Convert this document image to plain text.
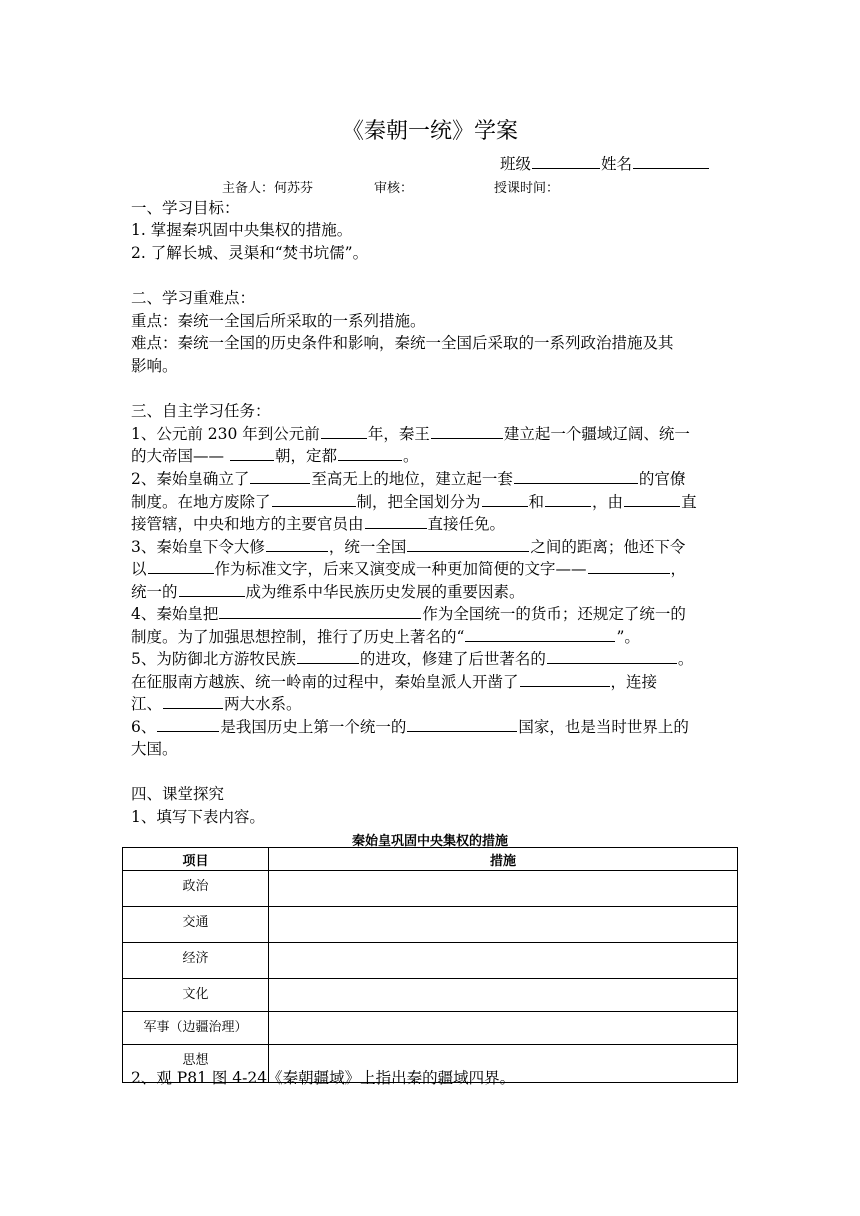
《秦朝一统》学案
班级	姓名
主备人：何苏芬	审核：	授课时间：
一、学习目标：
1. 掌握秦巩固中央集权的措施。
2. 了解长城、灵渠和“焚书坑儒”。
二、学习重难点：
重点：秦统一全国后所采取的一系列措施。
难点：秦统一全国的历史条件和影响，秦统一全国后采取的一系列政治措施及其
影响。
三、自主学习任务：
1、公元前 230 年到公元前	年，秦王	建立起一个疆域辽阔、统一
的大帝国——	朝，定都	。
2、秦始皇确立了	至高无上的地位，建立起一套	的官僚
制度。在地方废除了	制，把全国划分为	和	，由	直
接管辖，中央和地方的主要官员由	直接任免。
3、秦始皇下令大修	，统一全国	之间的距离；他还下令
以	作为标准文字，后来又演变成一种更加简便的文字——	，
统一的	成为维系中华民族历史发展的重要因素。
4、秦始皇把	作为全国统一的货币；还规定了统一的
制度。为了加强思想控制，推行了历史上著名的“	”。
5、为防御北方游牧民族	的进攻，修建了后世著名的	。
在征服南方越族、统一岭南的过程中，秦始皇派人开凿了	，连接
江、	两大水系。
6、	是我国历史上第一个统一的	国家，也是当时世界上的
大国。
四、课堂探究
1、填写下表内容。
秦始皇巩固中央集权的措施
项目	措施
政治	
交通	
经济	
文化	
军事（边疆治理）	
思想	
2、观 P81 图 4-24《秦朝疆域》上指出秦的疆域四界。
